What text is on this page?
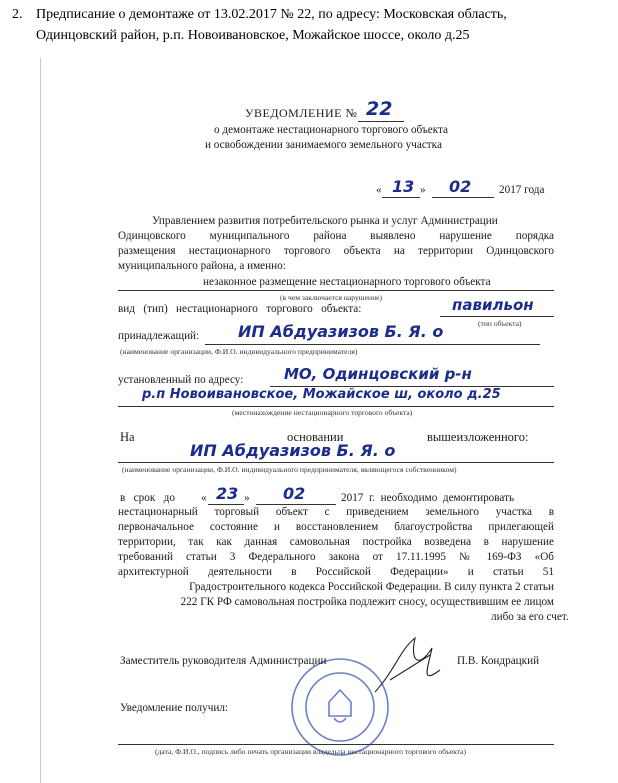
2. Предписание о демонтаже от 13.02.2017 № 22, по адресу: Московская область,
Одинцовский район, р.п. Новоивановское, Можайское шоссе, около д.25
УВЕДОМЛЕНИЕ № 22
о демонтаже нестационарного торгового объекта
и освобождении занимаемого земельного участка
« 13 » 02 2017 года
Управлением развития потребительского рынка и услуг Администрации
Одинцовского муниципального района выявлено нарушение порядка
размещения нестационарного торгового объекта на территории Одинцовского
муниципального района, а именно:
незаконное размещение нестационарного торгового объекта
(в чем заключается нарушение)
вид   (тип)   нестационарного   торгового   объекта:	павильон
(тип объекта)
принадлежащий: ИП Абдуазизов Б. Я. о
(наименование организации, Ф.И.О. индивидуального предпринимателя)
установленный по адресу:	МО, Одинцовский р-н
р.п Новоивановское, Можайское ш, около д.25
(местонахождение нестационарного торгового объекта)
На	основании	вышеизложенного:
ИП Абдуазизов Б. Я. о
(наименование организации, Ф.И.О. индивидуального предпринимателя, являющегося собственником)
в   срок   до « 23 » 02	2017  г.  необходимо  демонтировать
нестационарный  торговый  объект  с  приведением  земельного  участка  в
первоначальное состояние и восстановлением благоустройства прилегающей
территории, так как данная самовольная постройка возведена в нарушение
требований  статьи  3  Федерального  закона  от  17.11.1995  №  169-ФЗ  «Об
архитектурной      деятельности      в      Российской      Федерации»      и      статьи      51
Градостроительного кодекса Российской Федерации. В силу пункта 2 статьи
222 ГК РФ самовольная постройка подлежит сносу, осуществившим ее лицом
либо за его счет.
Заместитель руководителя Администрации	П.В. Кондрацкий
Уведомление получил:
(дата, Ф.И.О., подпись либо печать организации владельца нестационарного торгового объекта)
